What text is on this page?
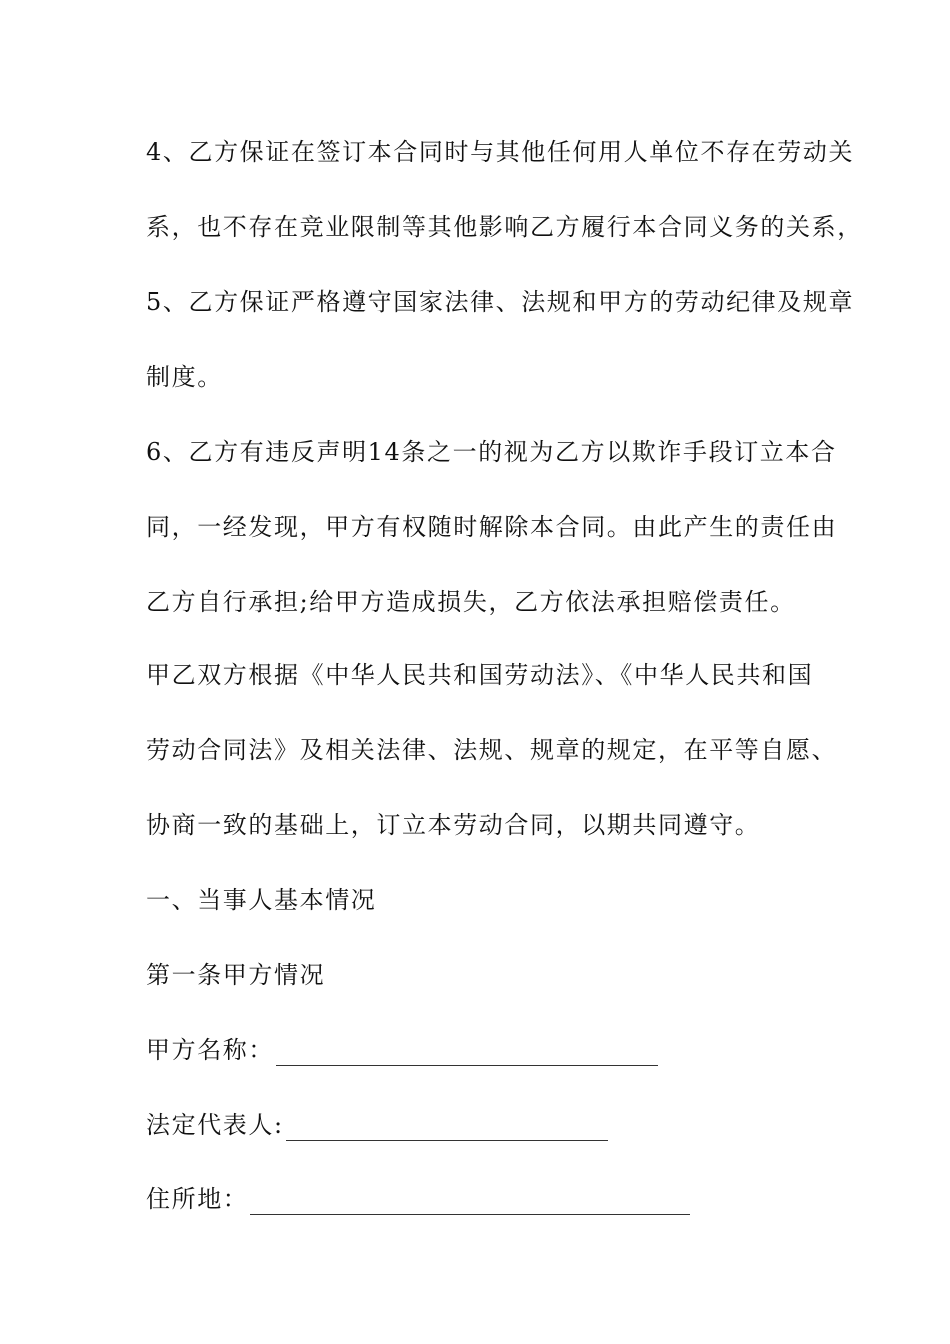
4、乙方保证在签订本合同时与其他任何用人单位不存在劳动关
系，也不存在竞业限制等其他影响乙方履行本合同义务的关系，
5、乙方保证严格遵守国家法律、法规和甲方的劳动纪律及规章
制度。
6、乙方有违反声明14条之一的视为乙方以欺诈手段订立本合
同，一经发现，甲方有权随时解除本合同。由此产生的责任由
乙方自行承担;给甲方造成损失，乙方依法承担赔偿责任。
甲乙双方根据《中华人民共和国劳动法》、《中华人民共和国
劳动合同法》及相关法律、法规、规章的规定，在平等自愿、
协商一致的基础上，订立本劳动合同，以期共同遵守。
一、当事人基本情况
第一条甲方情况
甲方名称：
法定代表人:
住所地：
